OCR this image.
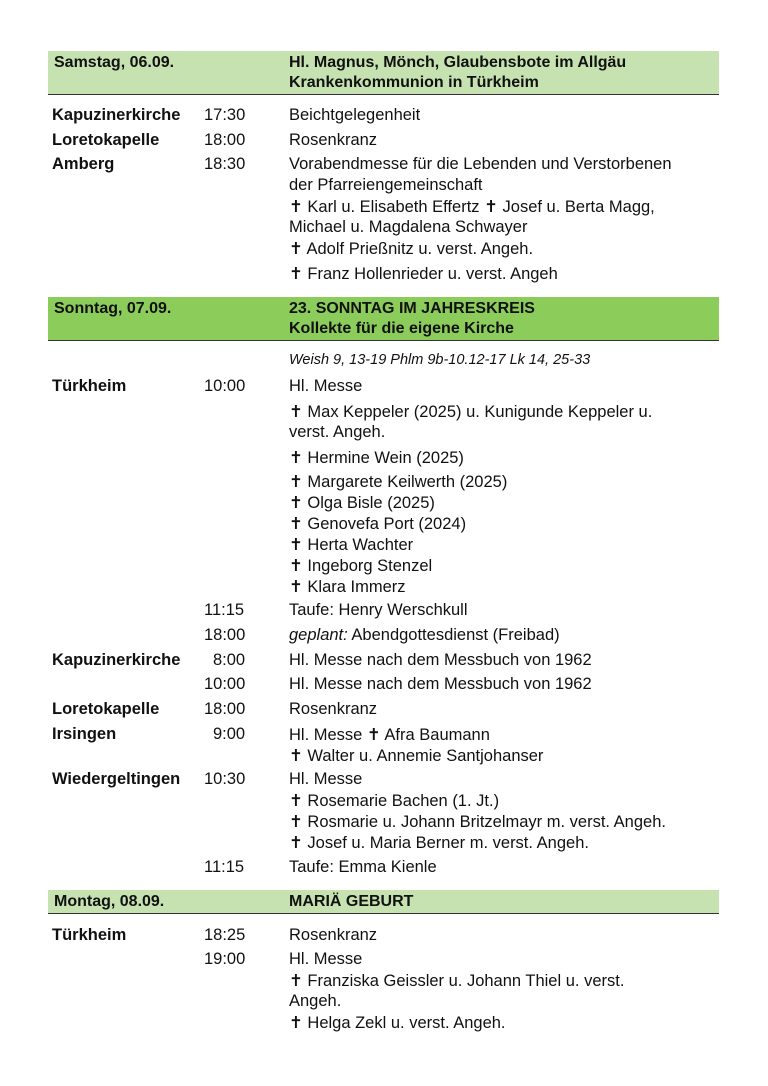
Samstag, 06.09.	Hl. Magnus, Mönch, Glaubensbote im Allgäu
Krankenkommunion in Türkheim
Kapuzinerkirche 17:30	Beichtgelegenheit
Loretokapelle	18:00	Rosenkranz
Amberg	18:30	Vorabendmesse für die Lebenden und Verstorbenen
der Pfarreiengemeinschaft
✝ Karl u. Elisabeth Effertz ✝ Josef u. Berta Magg,
Michael u. Magdalena Schwayer
✝ Adolf Prießnitz u. verst. Angeh.
✝ Franz Hollenrieder u. verst. Angeh
Sonntag, 07.09.	23. SONNTAG IM JAHRESKREIS
Kollekte für die eigene Kirche
Weish 9, 13-19 Phlm 9b-10.12-17 Lk 14, 25-33
Türkheim	10:00	Hl. Messe
✝ Max Keppeler (2025) u. Kunigunde Keppeler u.
verst. Angeh.
✝ Hermine Wein (2025)
✝ Margarete Keilwerth (2025)
✝ Olga Bisle (2025)
✝ Genovefa Port (2024)
✝ Herta Wachter
✝ Ingeborg Stenzel
✝ Klara Immerz
11:15	Taufe: Henry Werschkull
18:00	geplant: Abendgottesdienst (Freibad)
Kapuzinerkirche 8:00	Hl. Messe nach dem Messbuch von 1962
10:00	Hl. Messe nach dem Messbuch von 1962
Loretokapelle	18:00	Rosenkranz
Irsingen	9:00	Hl. Messe ✝ Afra Baumann
✝ Walter u. Annemie Santjohanser
Wiedergeltingen 10:30	Hl. Messe
✝ Rosemarie Bachen (1. Jt.)
✝ Rosmarie u. Johann Britzelmayr m. verst. Angeh.
✝ Josef u. Maria Berner m. verst. Angeh.
11:15	Taufe: Emma Kienle
Montag, 08.09.	MARIÄ GEBURT
Türkheim	18:25	Rosenkranz
19:00	Hl. Messe
✝ Franziska Geissler u. Johann Thiel u. verst.
Angeh.
✝ Helga Zekl u. verst. Angeh.
